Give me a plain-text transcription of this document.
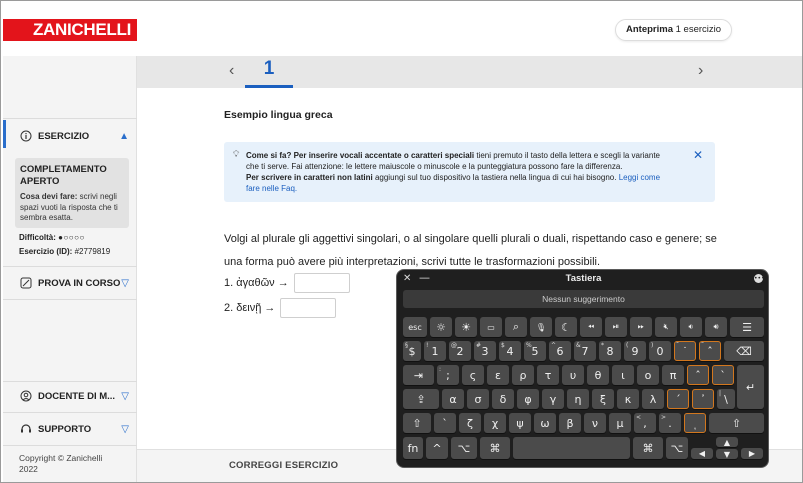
ZANICHELLI	Anteprima 1 esercizio
ESERCIZIO	▲
COMPLETAMENTO APERTO
Cosa devi fare: scrivi negli spazi vuoti la risposta che ti sembra esatta.
Difficoltà: ●○○○○
Esercizio (ID): #2779819
PROVA IN CORSO ▽
DOCENTE DI M... ▽
SUPPORTO	▽
Copyright © Zanichelli 2022
‹	1	›
Esempio lingua greca
💡︎	✕
Come si fa? Per inserire vocali accentate o caratteri speciali tieni premuto il tasto della lettera e scegli la variante che ti serve. Fai attenzione: le lettere maiuscole o minuscole e la punteggiatura possono fare la differenza.
Per scrivere in caratteri non latini aggiungi sul tuo dispositivo la tastiera nella lingua di cui hai bisogno. Leggi come fare nelle Faq.
Volgi al plurale gli aggettivi singolari, o al singolare quelli plurali o duali, rispettando caso e genere; se una forma può avere più interpretazioni, scrivi tutte le trasformazioni possibili.
1. ἀγαθῶν →
2. δεινῇ →
CORREGGI ESERCIZIO
✕ —	Tastiera	•••
Nessun suggerimento
esc	☼	☀	▭	⌕	🎙︎	☾	⏪︎	⏯︎	⏩︎	🔇︎	🔉︎	🔊︎	☰
§ $	! 1	@ 2	# 3	$ 4	% 5	^ 6	& 7	* 8	( 9	) 0	˘ ˙	˜ ˆ	⌫
⇥	: ;	ς	ε	ρ	τ	υ	θ	ι	ο	π	ˆ	`
↵
⇪	α	σ	δ	φ	γ	η	ξ	κ	λ	΄	᾿	| \
⇧	`	ζ	χ	ψ	ω	β	ν	μ	< ,	> .	ͺ	⇧
fn	^	⌥	⌘	⌘	⌥	◀
▲
▼	▶
